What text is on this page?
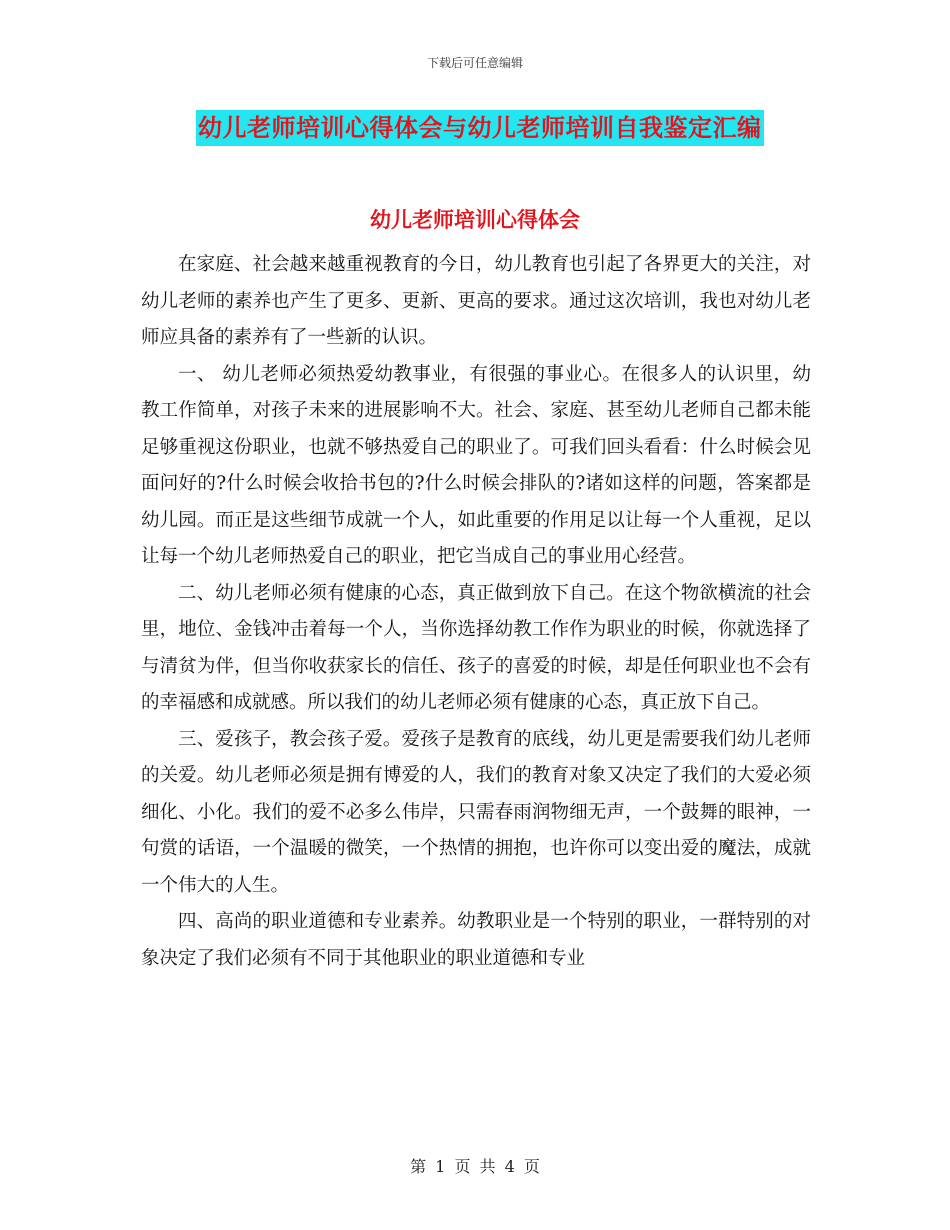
下载后可任意编辑
幼儿老师培训心得体会与幼儿老师培训自我鉴定汇编
幼儿老师培训心得体会

在家庭、社会越来越重视教育的今日，幼儿教育也引起了各界更大的关注，对幼儿老师的素养也产生了更多、更新、更高的要求。通过这次培训，我也对幼儿老师应具备的素养有了一些新的认识。

一、 幼儿老师必须热爱幼教事业，有很强的事业心。在很多人的认识里，幼教工作简单，对孩子未来的进展影响不大。社会、家庭、甚至幼儿老师自己都未能足够重视这份职业，也就不够热爱自己的职业了。可我们回头看看：什么时候会见面问好的?什么时候会收拾书包的?什么时候会排队的?诸如这样的问题，答案都是幼儿园。而正是这些细节成就一个人，如此重要的作用足以让每一个人重视，足以让每一个幼儿老师热爱自己的职业，把它当成自己的事业用心经营。

二、幼儿老师必须有健康的心态，真正做到放下自己。在这个物欲横流的社会里，地位、金钱冲击着每一个人，当你选择幼教工作作为职业的时候，你就选择了与清贫为伴，但当你收获家长的信任、孩子的喜爱的时候，却是任何职业也不会有的幸福感和成就感。所以我们的幼儿老师必须有健康的心态，真正放下自己。

三、爱孩子，教会孩子爱。爱孩子是教育的底线，幼儿更是需要我们幼儿老师的关爱。幼儿老师必须是拥有博爱的人，我们的教育对象又决定了我们的大爱必须细化、小化。我们的爱不必多么伟岸，只需春雨润物细无声，一个鼓舞的眼神，一句赏的话语，一个温暖的微笑，一个热情的拥抱，也许你可以变出爱的魔法，成就一个伟大的人生。

四、高尚的职业道德和专业素养。幼教职业是一个特别的职业，一群特别的对象决定了我们必须有不同于其他职业的职业道德和专业

第 1 页 共 4 页
